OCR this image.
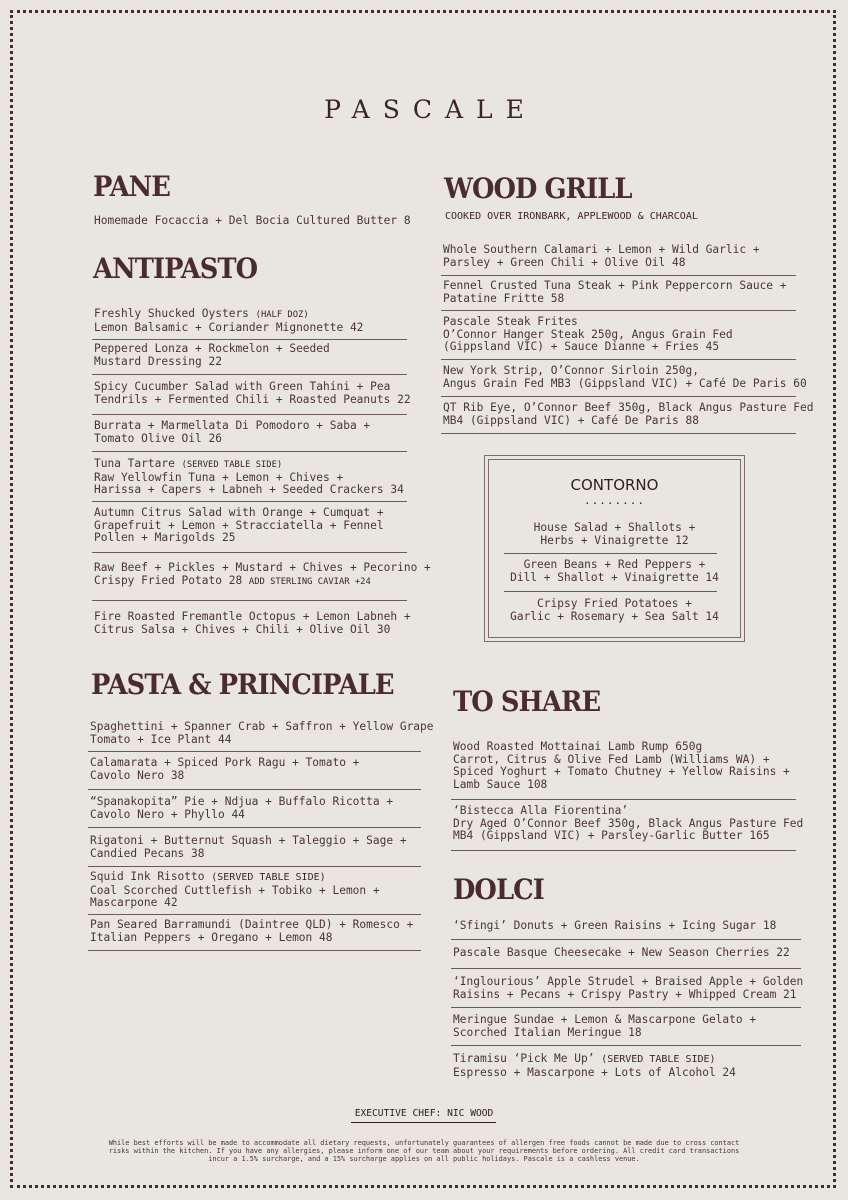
PASCALE
PANE
Homemade Focaccia + Del Bocia Cultured Butter 8
ANTIPASTO
Freshly Shucked Oysters (HALF DOZ)
Lemon Balsamic + Coriander Mignonette 42
Peppered Lonza + Rockmelon + Seeded
Mustard Dressing 22
Spicy Cucumber Salad with Green Tahini + Pea
Tendrils + Fermented Chili + Roasted Peanuts 22
Burrata + Marmellata Di Pomodoro + Saba +
Tomato Olive Oil 26
Tuna Tartare (SERVED TABLE SIDE)
Raw Yellowfin Tuna + Lemon + Chives +
Harissa + Capers + Labneh + Seeded Crackers 34
Autumn Citrus Salad with Orange + Cumquat +
Grapefruit + Lemon + Stracciatella + Fennel
Pollen + Marigolds 25
Raw Beef + Pickles + Mustard + Chives + Pecorino +
Crispy Fried Potato 28 ADD STERLING CAVIAR +24
Fire Roasted Fremantle Octopus + Lemon Labneh +
Citrus Salsa + Chives + Chili + Olive Oil 30
PASTA & PRINCIPALE
Spaghettini + Spanner Crab + Saffron + Yellow Grape
Tomato + Ice Plant 44
Calamarata + Spiced Pork Ragu + Tomato +
Cavolo Nero 38
“Spanakopita” Pie + Ndjua + Buffalo Ricotta +
Cavolo Nero + Phyllo 44
Rigatoni + Butternut Squash + Taleggio + Sage +
Candied Pecans 38
Squid Ink Risotto (SERVED TABLE SIDE)
Coal Scorched Cuttlefish + Tobiko + Lemon +
Mascarpone 42
Pan Seared Barramundi (Daintree QLD) + Romesco +
Italian Peppers + Oregano + Lemon 48
WOOD GRILL
COOKED OVER IRONBARK, APPLEWOOD & CHARCOAL
Whole Southern Calamari + Lemon + Wild Garlic +
Parsley + Green Chili + Olive Oil 48
Fennel Crusted Tuna Steak + Pink Peppercorn Sauce +
Patatine Fritte 58
Pascale Steak Frites
O’Connor Hanger Steak 250g, Angus Grain Fed
(Gippsland VIC) + Sauce Dianne + Fries 45
New York Strip, O’Connor Sirloin 250g,
Angus Grain Fed MB3 (Gippsland VIC) + Café De Paris 60
QT Rib Eye, O’Connor Beef 350g, Black Angus Pasture Fed
MB4 (Gippsland VIC) + Café De Paris 88
CONTORNO
........
House Salad + Shallots +
Herbs + Vinaigrette 12
Green Beans + Red Peppers +
Dill + Shallot + Vinaigrette 14
Cripsy Fried Potatoes +
Garlic + Rosemary + Sea Salt 14
TO SHARE
Wood Roasted Mottainai Lamb Rump 650g
Carrot, Citrus & Olive Fed Lamb (Williams WA) +
Spiced Yoghurt + Tomato Chutney + Yellow Raisins +
Lamb Sauce 108
‘Bistecca Alla Fiorentina’
Dry Aged O’Connor Beef 350g, Black Angus Pasture Fed
MB4 (Gippsland VIC) + Parsley-Garlic Butter 165
DOLCI
‘Sfingi’ Donuts + Green Raisins + Icing Sugar 18
Pascale Basque Cheesecake + New Season Cherries 22
‘Inglourious’ Apple Strudel + Braised Apple + Golden
Raisins + Pecans + Crispy Pastry + Whipped Cream 21
Meringue Sundae + Lemon & Mascarpone Gelato +
Scorched Italian Meringue 18
Tiramisu ‘Pick Me Up’ (SERVED TABLE SIDE)
Espresso + Mascarpone + Lots of Alcohol 24
EXECUTIVE CHEF: NIC WOOD
While best efforts will be made to accommodate all dietary requests, unfortunately guarantees of allergen free foods cannot be made due to cross contact
risks within the kitchen. If you have any allergies, please inform one of our team about your requirements before ordering. All credit card transactions
incur a 1.5% surcharge, and a 15% surcharge applies on all public holidays. Pascale is a cashless venue.
